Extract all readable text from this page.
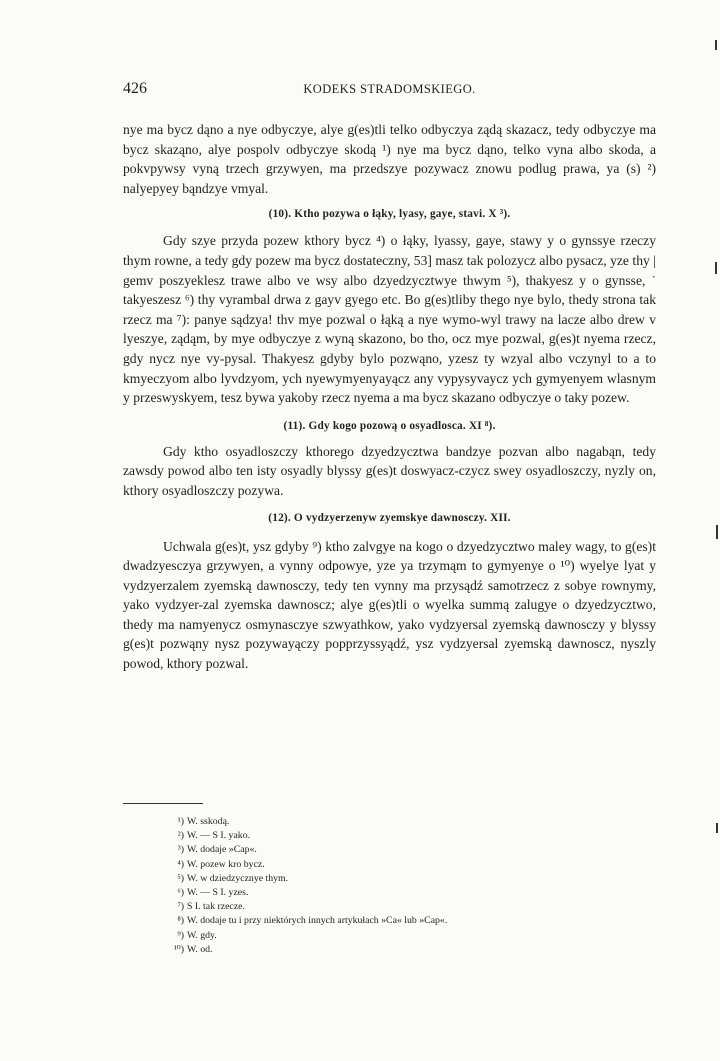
426	KODEKS STRADOMSKIEGO.

nye ma bycz dąno a nye odbyczye, alye g(es)tli telko odbyczya ządą skazacz, tedy odbyczye ma bycz skaząno, alye pospolv odbyczye skodą ¹) nye ma bycz dąno, telko vyna albo skoda, a pokvpywsy vyną trzech grzywyen, ma przedszye pozywacz znowu podlug prawa, ya (s) ²) nalyepyey bąndzye vmyal.

(10). Ktho pozywa o łąky, lyasy, gaye, stavi. X ³).

Gdy szye przyda pozew kthory bycz ⁴) o łąky, lyassy, gaye, stawy y o gynssye rzeczy thym rowne, a tedy gdy pozew ma bycz dostateczny, 53] masz tak polozycz albo pysacz, yze thy | gemv poszyeklesz trawe albo ve wsy albo dzyedzycztwye thwym ⁵), thakyesz y o gynsse, ˙ takyeszesz ⁶) thy vyrambal drwa z gayv gyego etc. Bo g(es)tliby thego nye bylo, thedy strona tak rzecz ma ⁷): panye sądzya! thv mye pozwal o łąką a nye wymo-wyl trawy na lacze albo drew v lyeszye, ządąm, by mye odbyczye z wyną skazono, bo tho, ocz mye pozwal, g(es)t nyema rzecz, gdy nycz nye vy-pysal. Thakyesz gdyby bylo pozwąno, yzesz ty wzyal albo vczynyl to a to kmyeczyom albo lyvdzyom, ych nyewymyenyayącz any vypysyvaycz ych gymyenyem wlasnym y przeswyskyem, tesz bywa yakoby rzecz nyema a ma bycz skazano odbyczye o taky pozew.

(11). Gdy kogo pozową o osyadlosca. XI ⁸).

Gdy ktho osyadloszczy kthorego dzyedzycztwa bandzye pozvan albo nagabąn, tedy zawsdy powod albo ten isty osyadly blyssy g(es)t doswyacz-czycz swey osyadloszczy, nyzly on, kthory osyadloszczy pozywa.

(12). O vydzyerzenyw zyemskye dawnosczy. XII.

Uchwala g(es)t, ysz gdyby ⁹) ktho zalvgye na kogo o dzyedzycztwo maley wagy, to g(es)t dwadzyesczya grzywyen, a vynny odpowye, yze ya trzymąm to gymyenye o ¹⁰) wyelye lyat y vydzyerzalem zyemską dawnosczy, tedy ten vynny ma przysądź samotrzecz z sobye rownymy, yako vydzyer-zal zyemska dawnoscz; alye g(es)tli o wyelka summą zalugye o dzyedzycztwo, thedy ma namyenycz osmynasczye szwyathkow, yako vydzyersal zyemską dawnosczy y blyssy g(es)t pozwąny nysz pozywayączy popprzyssyądź, ysz vydzyersal zyemską dawnoscz, nyszly powod, kthory pozwal.

¹) W. sskodą.
²) W. — S I. yako.
³) W. dodaje »Cap«.
⁴) W. pozew kro bycz.
⁵) W. w dziedzycznye thym.
⁶) W. — S I. yzes.
⁷) S I. tak rzecze.
⁸) W. dodaje tu i przy niektórych innych artykułach »Ca« lub »Cap«.
⁹) W. gdy.
¹⁰) W. od.
